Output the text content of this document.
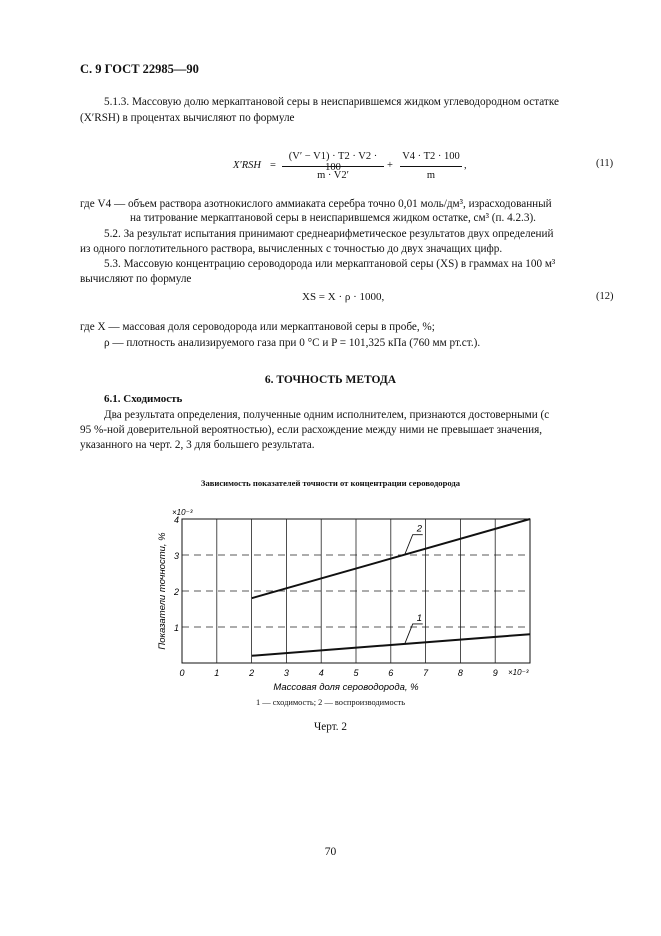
С. 9 ГОСТ 22985—90
5.1.3. Массовую долю меркаптановой серы в неиспарившемся жидком углеводородном остатке
(X′RSH) в процентах вычисляют по формуле
X′RSH =
(V′ − V1) · T2 · V2 · 100
m · V2′
+
V4 · T2 · 100
m
,	(11)
где V4 — объем раствора азотнокислого аммиаката серебра точно 0,01 моль/дм³, израсходованный
на титрование меркаптановой серы в неиспарившемся жидком остатке, см³ (п. 4.2.3).
5.2. За результат испытания принимают среднеарифметическое результатов двух определений
из одного поглотительного раствора, вычисленных с точностью до двух значащих цифр.
5.3. Массовую концентрацию сероводорода или меркаптановой серы (XS) в граммах на 100 м³
вычисляют по формуле
XS = X · ρ · 1000,	(12)
где X — массовая доля сероводорода или меркаптановой серы в пробе, %;
ρ — плотность анализируемого газа при 0 °С и P = 101,325 кПа (760 мм рт.ст.).
6. ТОЧНОСТЬ МЕТОДА
6.1. Сходимость
Два результата определения, полученные одним исполнителем, признаются достоверными (с
95 %-ной доверительной вероятностью), если расхождение между ними не превышает значения,
указанного на черт. 2, 3 для большего результата.
Зависимость показателей точности от концентрации сероводорода
1
2
0	1	2	3	4	5	6	7	8	9
1
2
3
4
Массовая доля сероводорода, %
Показатели точности, %
×10⁻³
×10⁻³
1 — сходимость; 2 — воспроизводимость
Черт. 2
70
